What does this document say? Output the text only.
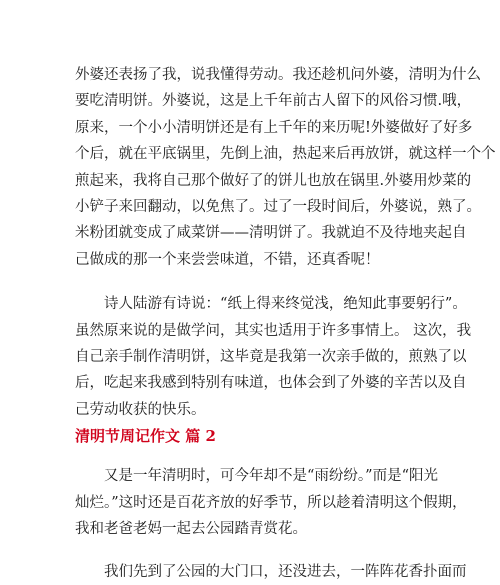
外婆还表扬了我，说我懂得劳动。我还趁机问外婆，清明为什么

要吃清明饼。外婆说，这是上千年前古人留下的风俗习惯.哦，

原来，一个小小清明饼还是有上千年的来历呢!外婆做好了好多

个后，就在平底锅里，先倒上油，热起来后再放饼，就这样一个个

煎起来，我将自己那个做好了的饼儿也放在锅里.外婆用炒菜的

小铲子来回翻动，以免焦了。过了一段时间后，外婆说，熟了。

米粉团就变成了咸菜饼——清明饼了。我就迫不及待地夹起自

己做成的那一个来尝尝味道，不错，还真香呢！

诗人陆游有诗说：“纸上得来终觉浅，绝知此事要躬行”。

虽然原来说的是做学问，其实也适用于许多事情上。 这次，我

自己亲手制作清明饼，这毕竟是我第一次亲手做的，煎熟了以

后，吃起来我感到特别有味道，也体会到了外婆的辛苦以及自

己劳动收获的快乐。

清明节周记作文 篇 2

又是一年清明时，可今年却不是“雨纷纷。”而是“阳光

灿烂。”这时还是百花齐放的好季节，所以趁着清明这个假期，

我和老爸老妈一起去公园踏青赏花。

我们先到了公园的大门口，还没进去，一阵阵花香扑面而
